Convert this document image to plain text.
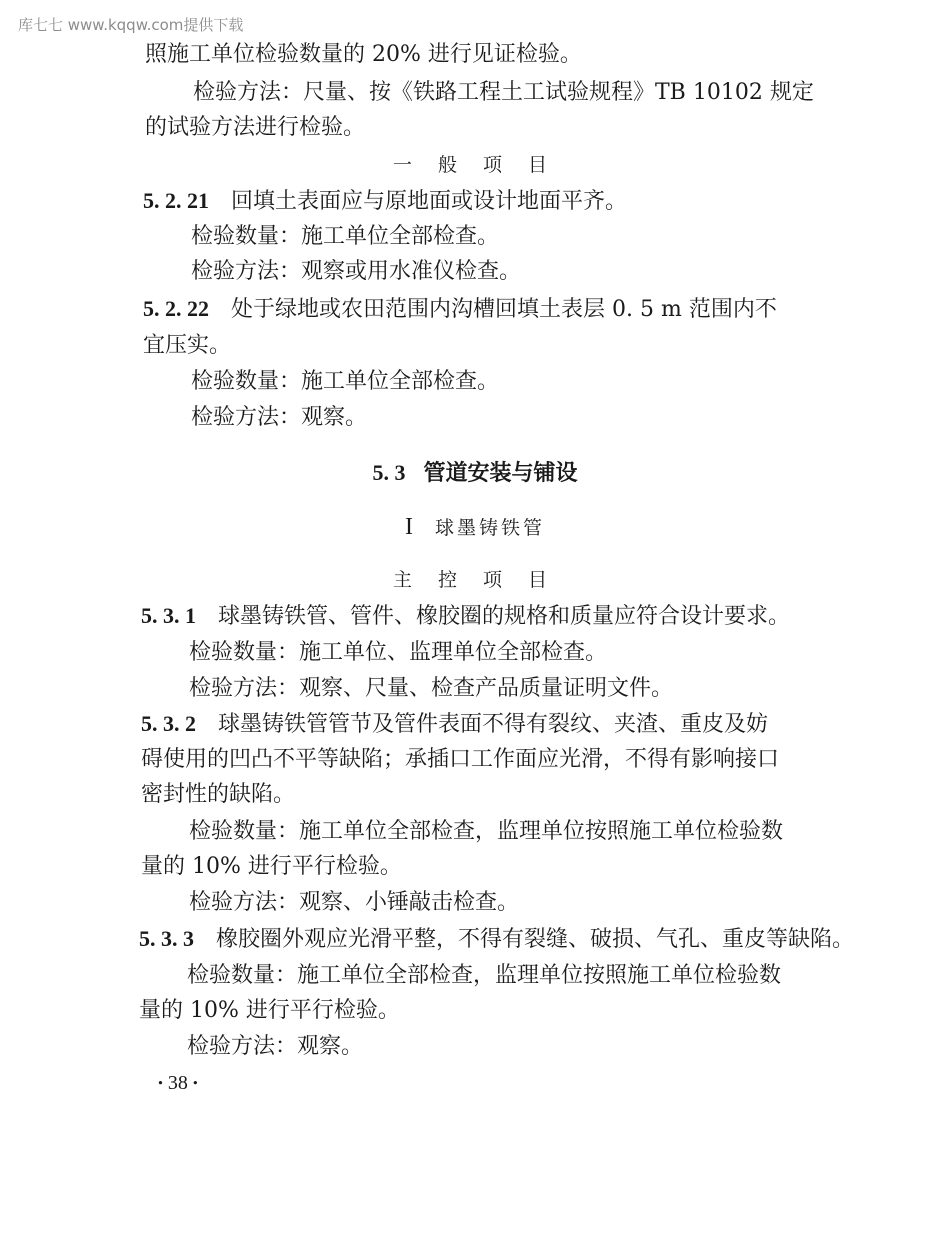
库七七 www.kqqw.com提供下载
照施工单位检验数量的 20% 进行见证检验。
检验方法：尺量、按《铁路工程土工试验规程》TB 10102 规定
的试验方法进行检验。
一 般 项 目
5. 2. 21 回填土表面应与原地面或设计地面平齐。
检验数量：施工单位全部检查。
检验方法：观察或用水准仪检查。
5. 2. 22 处于绿地或农田范围内沟槽回填土表层 0. 5 m 范围内不
宜压实。
检验数量：施工单位全部检查。
检验方法：观察。
5. 3 管道安装与铺设
I 球墨铸铁管
主 控 项 目
5. 3. 1 球墨铸铁管、管件、橡胶圈的规格和质量应符合设计要求。
检验数量：施工单位、监理单位全部检查。
检验方法：观察、尺量、检查产品质量证明文件。
5. 3. 2 球墨铸铁管管节及管件表面不得有裂纹、夹渣、重皮及妨
碍使用的凹凸不平等缺陷；承插口工作面应光滑，不得有影响接口
密封性的缺陷。
检验数量：施工单位全部检查，监理单位按照施工单位检验数
量的 10% 进行平行检验。
检验方法：观察、小锤敲击检查。
5. 3. 3 橡胶圈外观应光滑平整，不得有裂缝、破损、气孔、重皮等缺陷。
检验数量：施工单位全部检查，监理单位按照施工单位检验数
量的 10% 进行平行检验。
检验方法：观察。
• 38 •
